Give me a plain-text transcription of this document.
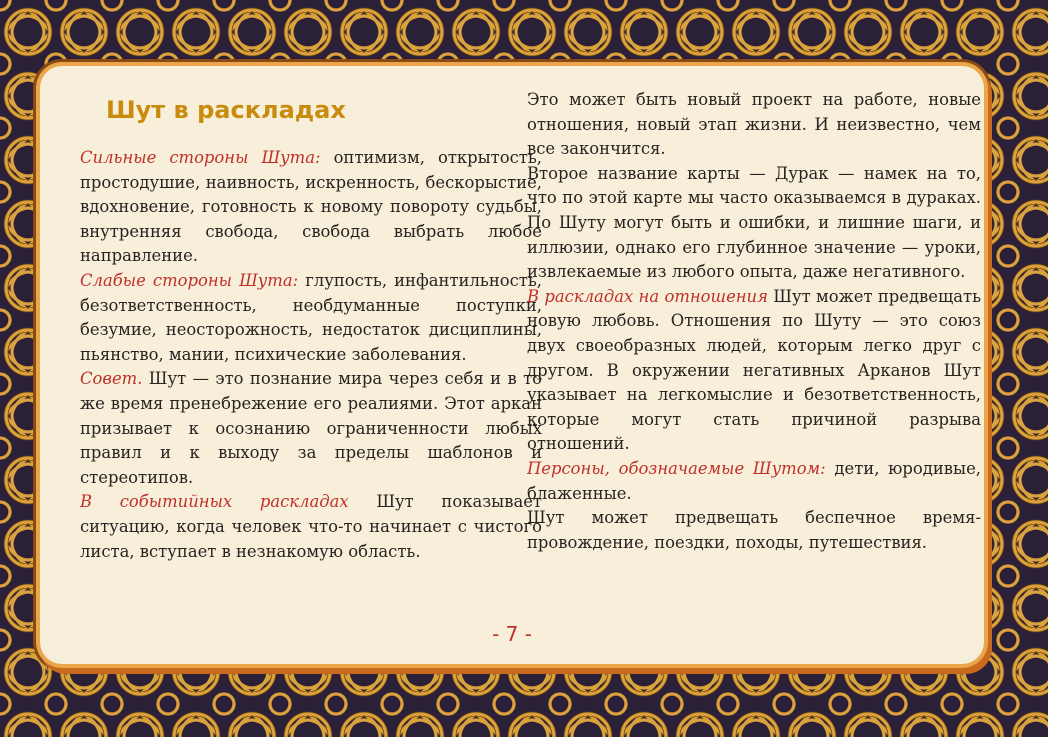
Шут в раскладах

Сильные стороны Шута: оптимизм, открытость, простодушие, наивность, искренность, бескорыстие, вдохновение, готовность к новому повороту судьбы, внутренняя свобода, свобода выбрать любое направление.

Слабые стороны Шута: глупость, инфантильность, безответственность, необдуманные поступки, безумие, неосторожность, недостаток дисциплины, пьянство, мании, психические заболевания.

Совет. Шут — это познание мира через себя и в то же время пренебрежение его реалиями. Этот аркан призывает к осознанию ограниченности любых правил и к выходу за пределы шаблонов и стереотипов.

В событийных раскладах Шут показывает ситуацию, когда человек что-то начинает с чистого листа, вступает в незнакомую область.

Это может быть новый проект на работе, новые отношения, новый этап жизни. И неизвестно, чем все закончится.

Второе название карты — Дурак — намек на то, что по этой карте мы часто оказываемся в дураках. По Шуту могут быть и ошибки, и лишние шаги, и иллюзии, однако его глубинное значение — уроки, извлекаемые из любого опыта, даже негативного.

В раскладах на отношения Шут может предвещать новую любовь. Отношения по Шуту — это союз двух своеобразных людей, которым легко друг с другом. В окружении негативных Арканов Шут указывает на легкомыслие и безответственность, которые могут стать причиной разрыва отношений.

Персоны, обозначаемые Шутом: дети, юродивые, блаженные.

Шут может предвещать беспечное времяпровождение, поездки, походы, путешествия.

- 7 -
